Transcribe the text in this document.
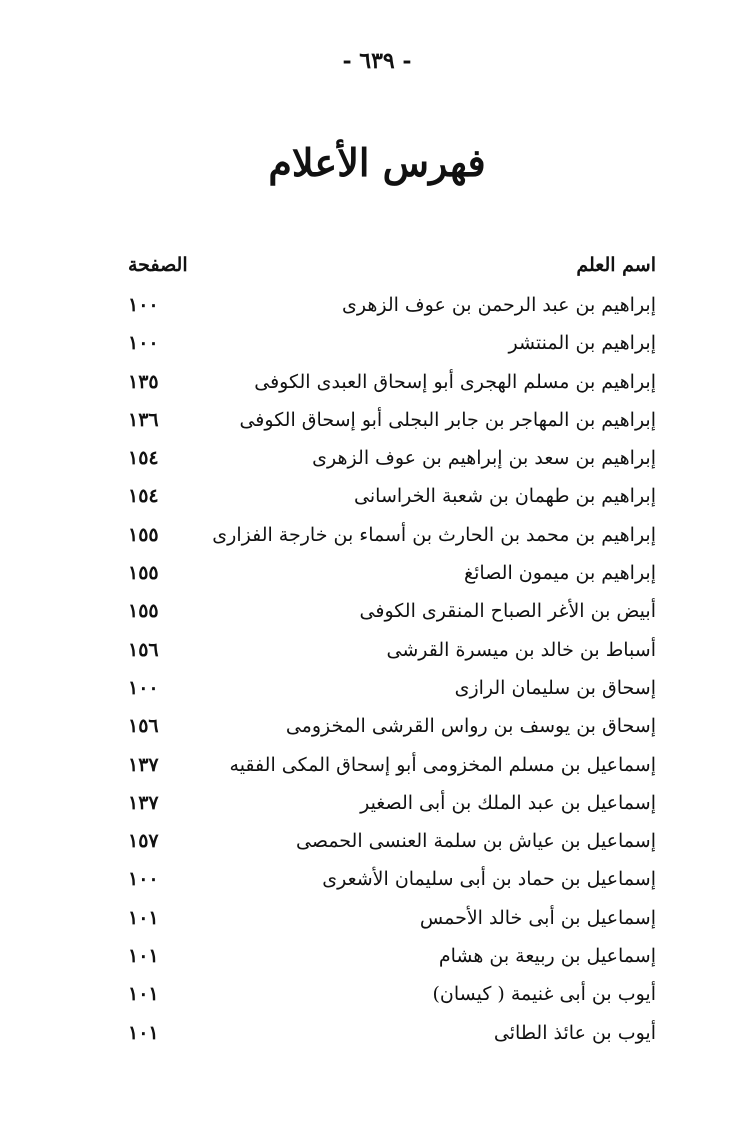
- ٦٣٩ -
فهرس الأعلام
اسم العلم
الصفحة
إبراهيم بن عبد الرحمن بن عوف الزهرى
١٠٠
إبراهيم بن المنتشر
١٠٠
إبراهيم بن مسلم الهجرى أبو إسحاق العبدى الكوفى
١٣٥
إبراهيم بن المهاجر بن جابر البجلى أبو إسحاق الكوفى
١٣٦
إبراهيم بن سعد بن إبراهيم بن عوف الزهرى
١٥٤
إبراهيم بن طهمان بن شعبة الخراسانى
١٥٤
إبراهيم بن محمد بن الحارث بن أسماء بن خارجة الفزارى
١٥٥
إبراهيم بن ميمون الصائغ
١٥٥
أبيض بن الأغر الصباح المنقرى الكوفى
١٥٥
أسباط بن خالد بن ميسرة القرشى
١٥٦
إسحاق بن سليمان الرازى
١٠٠
إسحاق بن يوسف بن رواس القرشى المخزومى
١٥٦
إسماعيل بن مسلم المخزومى أبو إسحاق المكى الفقيه
١٣٧
إسماعيل بن عبد الملك بن أبى الصغير
١٣٧
إسماعيل بن عياش بن سلمة العنسى الحمصى
١٥٧
إسماعيل بن حماد بن أبى سليمان الأشعرى
١٠٠
إسماعيل بن أبى خالد الأحمس
١٠١
إسماعيل بن ربيعة بن هشام
١٠١
أيوب بن أبى غنيمة ( كيسان)
١٠١
أيوب بن عائذ الطائى
١٠١
